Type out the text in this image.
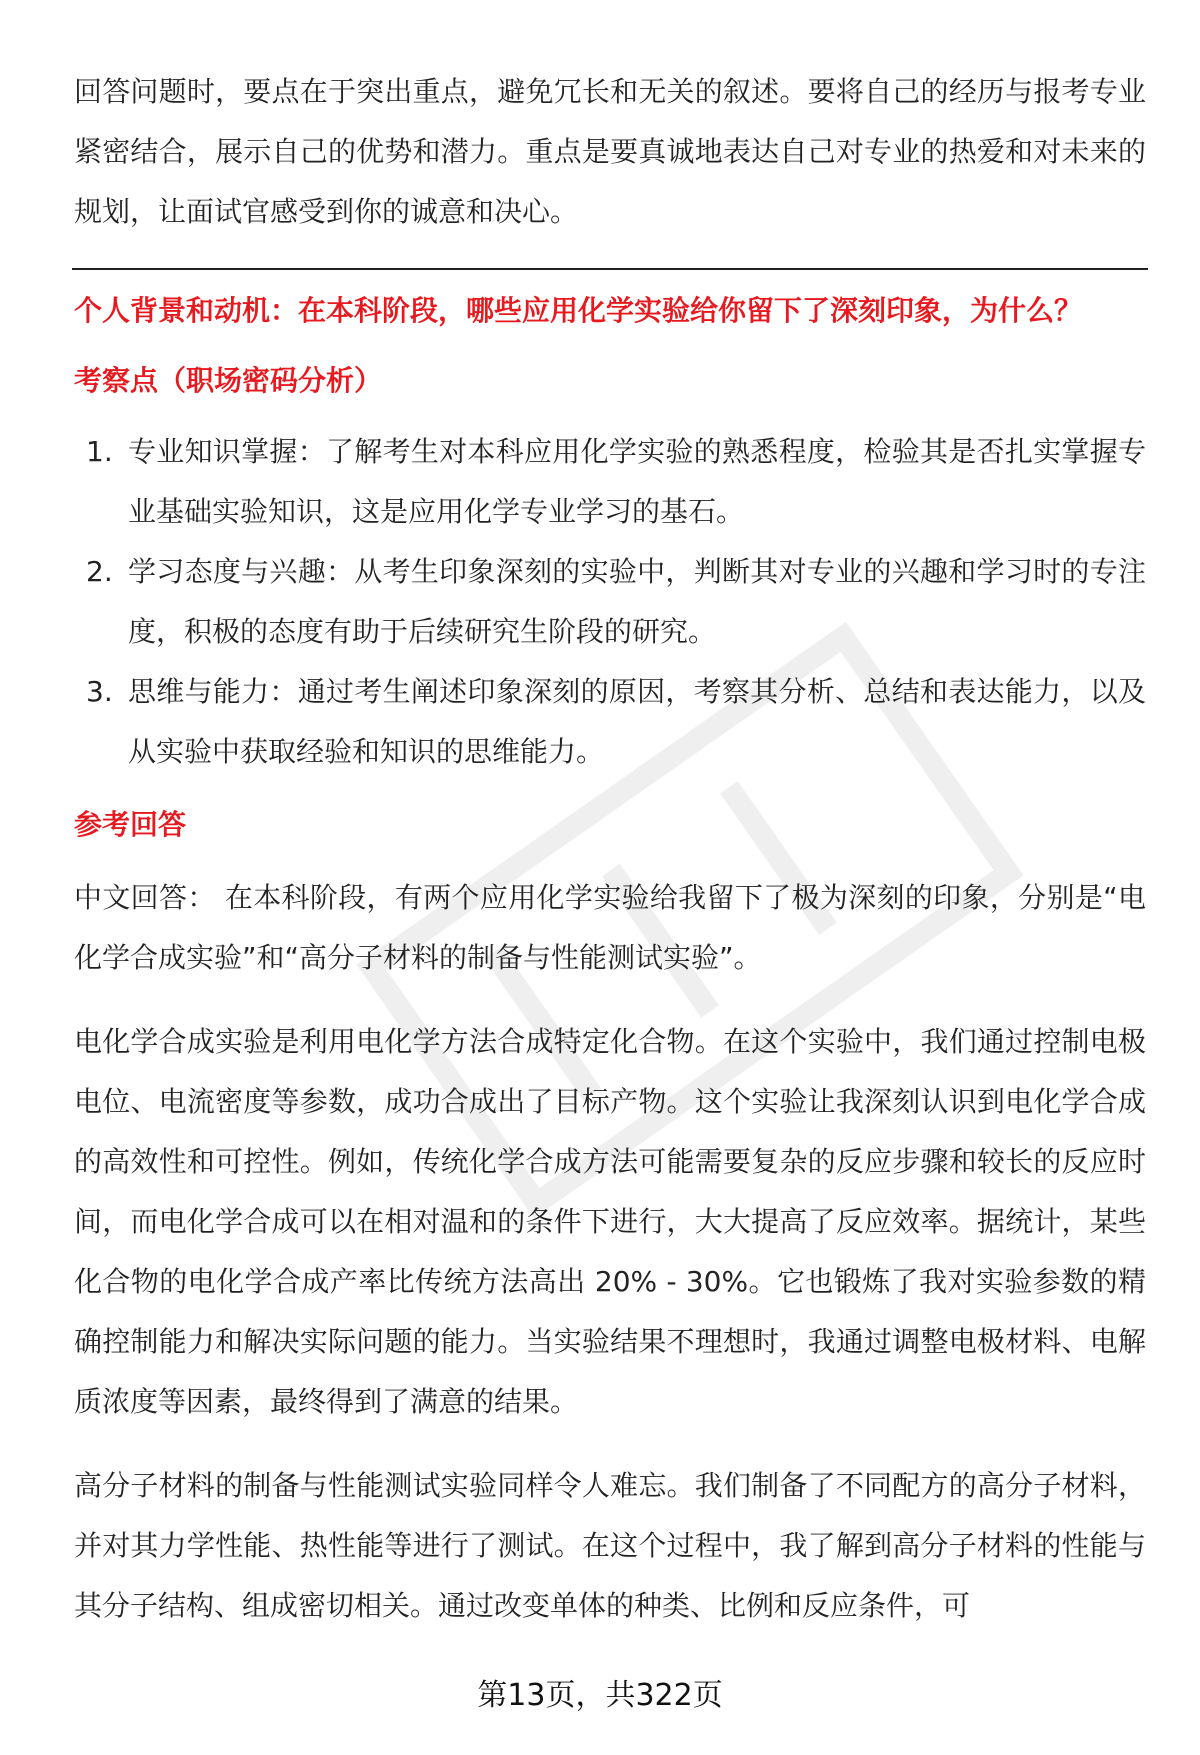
回答问题时，要点在于突出重点，避免冗长和无关的叙述。要将自己的经历与报考专业紧密结合，展示自己的优势和潜力。重点是要真诚地表达自己对专业的热爱和对未来的规划，让面试官感受到你的诚意和决心。

个人背景和动机：在本科阶段，哪些应用化学实验给你留下了深刻印象，为什么？
考察点（职场密码分析）
1. 专业知识掌握：了解考生对本科应用化学实验的熟悉程度，检验其是否扎实掌握专业基础实验知识，这是应用化学专业学习的基石。
2. 学习态度与兴趣：从考生印象深刻的实验中，判断其对专业的兴趣和学习时的专注度，积极的态度有助于后续研究生阶段的研究。
3. 思维与能力：通过考生阐述印象深刻的原因，考察其分析、总结和表达能力，以及从实验中获取经验和知识的思维能力。
参考回答

中文回答： 在本科阶段，有两个应用化学实验给我留下了极为深刻的印象，分别是“电化学合成实验”和“高分子材料的制备与性能测试实验”。

电化学合成实验是利用电化学方法合成特定化合物。在这个实验中，我们通过控制电极电位、电流密度等参数，成功合成出了目标产物。这个实验让我深刻认识到电化学合成的高效性和可控性。例如，传统化学合成方法可能需要复杂的反应步骤和较长的反应时间，而电化学合成可以在相对温和的条件下进行，大大提高了反应效率。据统计，某些化合物的电化学合成产率比传统方法高出 20% - 30%。它也锻炼了我对实验参数的精确控制能力和解决实际问题的能力。当实验结果不理想时，我通过调整电极材料、电解质浓度等因素，最终得到了满意的结果。

高分子材料的制备与性能测试实验同样令人难忘。我们制备了不同配方的高分子材料，并对其力学性能、热性能等进行了测试。在这个过程中，我了解到高分子材料的性能与其分子结构、组成密切相关。通过改变单体的种类、比例和反应条件，可

第13页，共322页
